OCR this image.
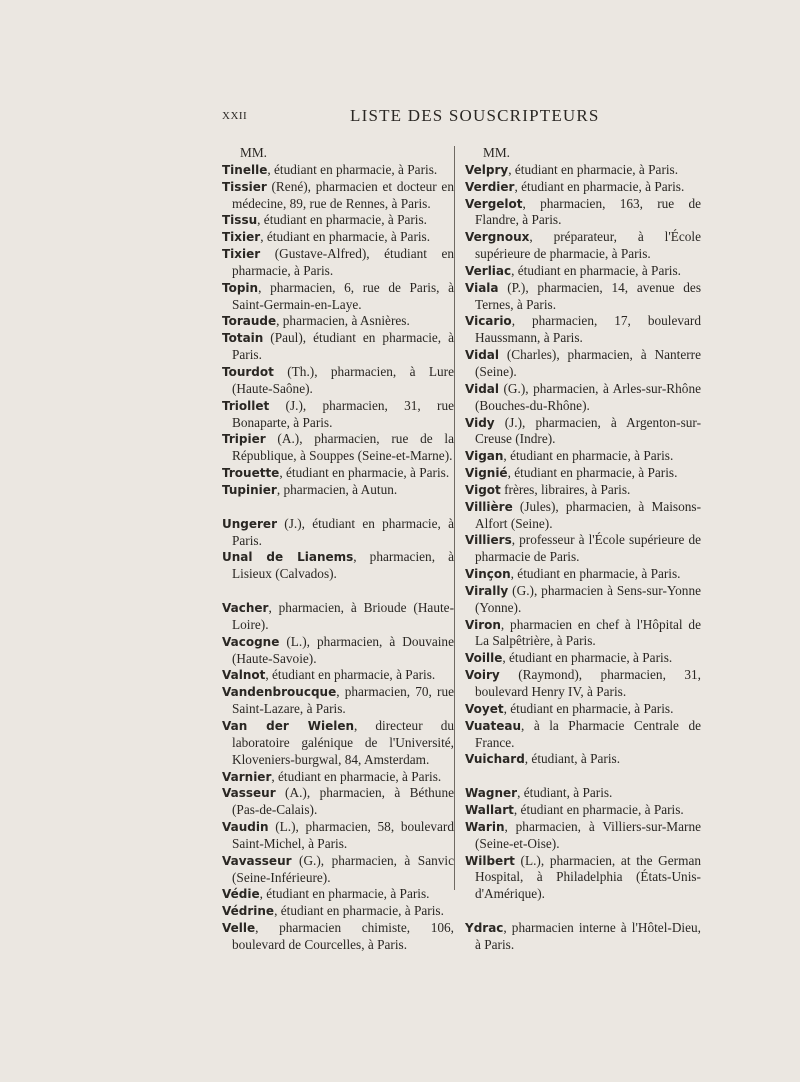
XXII	LISTE DES SOUSCRIPTEURS
MM.
Tinelle, étudiant en pharmacie, à Paris.
Tissier (René), pharmacien et docteur en médecine, 89, rue de Rennes, à Paris.
Tissu, étudiant en pharmacie, à Paris.
Tixier, étudiant en pharmacie, à Paris.
Tixier (Gustave-Alfred), étudiant en pharmacie, à Paris.
Topin, pharmacien, 6, rue de Paris, à Saint-Germain-en-Laye.
Toraude, pharmacien, à Asnières.
Totain (Paul), étudiant en pharmacie, à Paris.
Tourdot (Th.), pharmacien, à Lure (Haute-Saône).
Triollet (J.), pharmacien, 31, rue Bonaparte, à Paris.
Tripier (A.), pharmacien, rue de la République, à Souppes (Seine-et-Marne).
Trouette, étudiant en pharmacie, à Paris.
Tupinier, pharmacien, à Autun.
Ungerer (J.), étudiant en pharmacie, à Paris.
Unal de Lianems, pharmacien, à Lisieux (Calvados).
Vacher, pharmacien, à Brioude (Haute-Loire).
Vacogne (L.), pharmacien, à Douvaine (Haute-Savoie).
Valnot, étudiant en pharmacie, à Paris.
Vandenbroucque, pharmacien, 70, rue Saint-Lazare, à Paris.
Van der Wielen, directeur du laboratoire galénique de l'Université, Kloveniers-burgwal, 84, Amsterdam.
Varnier, étudiant en pharmacie, à Paris.
Vasseur (A.), pharmacien, à Béthune (Pas-de-Calais).
Vaudin (L.), pharmacien, 58, boulevard Saint-Michel, à Paris.
Vavasseur (G.), pharmacien, à Sanvic (Seine-Inférieure).
Védie, étudiant en pharmacie, à Paris.
Védrine, étudiant en pharmacie, à Paris.
Velle, pharmacien chimiste, 106, boulevard de Courcelles, à Paris.
MM.
Velpry, étudiant en pharmacie, à Paris.
Verdier, étudiant en pharmacie, à Paris.
Vergelot, pharmacien, 163, rue de Flandre, à Paris.
Vergnoux, préparateur, à l'École supérieure de pharmacie, à Paris.
Verliac, étudiant en pharmacie, à Paris.
Viala (P.), pharmacien, 14, avenue des Ternes, à Paris.
Vicario, pharmacien, 17, boulevard Haussmann, à Paris.
Vidal (Charles), pharmacien, à Nanterre (Seine).
Vidal (G.), pharmacien, à Arles-sur-Rhône (Bouches-du-Rhône).
Vidy (J.), pharmacien, à Argenton-sur-Creuse (Indre).
Vigan, étudiant en pharmacie, à Paris.
Vignié, étudiant en pharmacie, à Paris.
Vigot frères, libraires, à Paris.
Villière (Jules), pharmacien, à Maisons-Alfort (Seine).
Villiers, professeur à l'École supérieure de pharmacie de Paris.
Vinçon, étudiant en pharmacie, à Paris.
Virally (G.), pharmacien à Sens-sur-Yonne (Yonne).
Viron, pharmacien en chef à l'Hôpital de La Salpêtrière, à Paris.
Voille, étudiant en pharmacie, à Paris.
Voiry (Raymond), pharmacien, 31, boulevard Henry IV, à Paris.
Voyet, étudiant en pharmacie, à Paris.
Vuateau, à la Pharmacie Centrale de France.
Vuichard, étudiant, à Paris.
Wagner, étudiant, à Paris.
Wallart, étudiant en pharmacie, à Paris.
Warin, pharmacien, à Villiers-sur-Marne (Seine-et-Oise).
Wilbert (L.), pharmacien, at the German Hospital, à Philadelphia (États-Unis-d'Amérique).
Ydrac, pharmacien interne à l'Hôtel-Dieu, à Paris.
